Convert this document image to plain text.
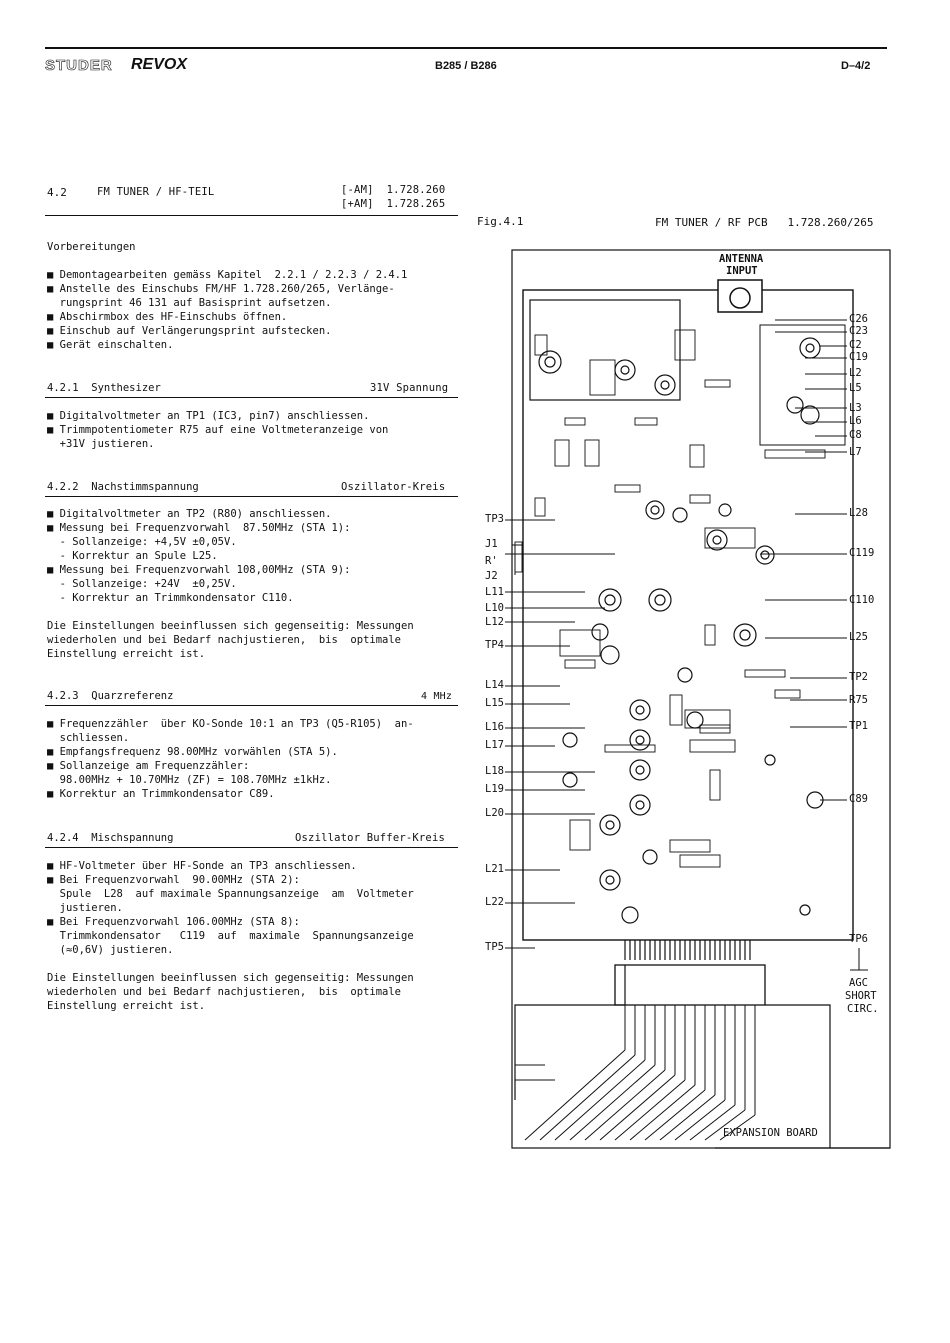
STUDER REVOX	B285 / B286	D–4/2
4.2	FM TUNER / HF-TEIL	[-AM]  1.728.260
[+AM]  1.728.265
Vorbereitungen
■ Demontagearbeiten gemäss Kapitel  2.2.1 / 2.2.3 / 2.4.1
■ Anstelle des Einschubs FM/HF 1.728.260/265, Verlänge-
rungsprint 46 131 auf Basisprint aufsetzen.
■ Abschirmbox des HF-Einschubs öffnen.
■ Einschub auf Verlängerungsprint aufstecken.
■ Gerät einschalten.
4.2.1  Synthesizer	31V Spannung
■ Digitalvoltmeter an TP1 (IC3, pin7) anschliessen.
■ Trimmpotentiometer R75 auf eine Voltmeteranzeige von
+31V justieren.
4.2.2  Nachstimmspannung	Oszillator-Kreis
■ Digitalvoltmeter an TP2 (R80) anschliessen.
■ Messung bei Frequenzvorwahl  87.50MHz (STA 1):
- Sollanzeige: +4,5V ±0,05V.
- Korrektur an Spule L25.
■ Messung bei Frequenzvorwahl 108,00MHz (STA 9):
- Sollanzeige: +24V  ±0,25V.
- Korrektur an Trimmkondensator C110.
Die Einstellungen beeinflussen sich gegenseitig: Messungen
wiederholen und bei Bedarf nachjustieren,  bis  optimale
Einstellung erreicht ist.
4.2.3  Quarzreferenz	4 MHz
■ Frequenzzähler  über KO-Sonde 10:1 an TP3 (Q5-R105)  an-
schliessen.
■ Empfangsfrequenz 98.00MHz vorwählen (STA 5).
■ Sollanzeige am Frequenzzähler:
98.00MHz + 10.70MHz (ZF) = 108.70MHz ±1kHz.
■ Korrektur an Trimmkondensator C89.
4.2.4  Mischspannung	Oszillator Buffer-Kreis
■ HF-Voltmeter über HF-Sonde an TP3 anschliessen.
■ Bei Frequenzvorwahl  90.00MHz (STA 2):
Spule  L28  auf maximale Spannungsanzeige  am  Voltmeter
justieren.
■ Bei Frequenzvorwahl 106.00MHz (STA 8):
Trimmkondensator   C119  auf  maximale  Spannungsanzeige
(≈0,6V) justieren.
Die Einstellungen beeinflussen sich gegenseitig: Messungen
wiederholen und bei Bedarf nachjustieren,  bis  optimale
Einstellung erreicht ist.
Fig.4.1	FM TUNER / RF PCB   1.728.260/265
ANTENNA
INPUT
EXPANSION BOARD
AGC
SHORT
CIRC.
TP3
J1
R'
J2
L11
L10
L12
TP4
L14
L15
L16
L17
L18
L19
L20
L21
L22
TP5
C26
C23
C2
C19
L2
L5
L3
L6
C8
L7
L28
C119
C110
L25
TP2
R75
TP1
C89
TP6
